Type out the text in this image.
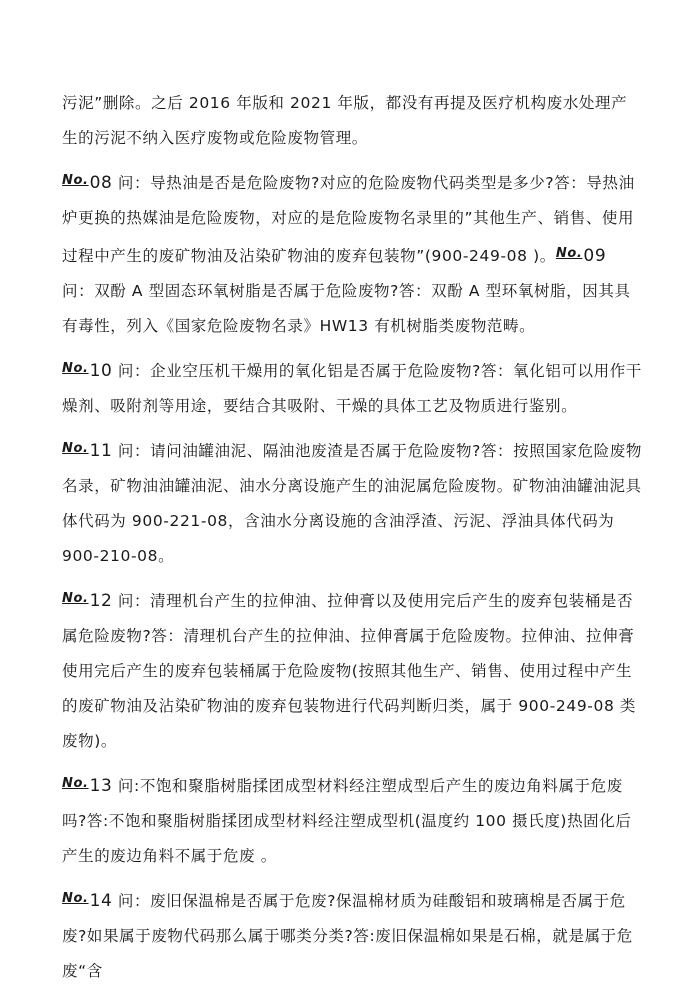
污泥”删除。之后 2016 年版和 2021 年版，都没有再提及医疗机构废水处理产生的污泥不纳入医疗废物或危险废物管理。

$^{No.}$08 问：导热油是否是危险废物?对应的危险废物代码类型是多少?答：导热油炉更换的热媒油是危险废物，对应的是危险废物名录里的”其他生产、销售、使用过程中产生的废矿物油及沾染矿物油的废弃包装物”(900-249-08 )。$^{No.}$09 问：双酚 A 型固态环氧树脂是否属于危险废物?答：双酚 A 型环氧树脂，因其具有毒性，列入《国家危险废物名录》HW13 有机树脂类废物范畴。

$^{No.}$10 问：企业空压机干燥用的氧化铝是否属于危险废物?答：氧化铝可以用作干燥剂、吸附剂等用途，要结合其吸附、干燥的具体工艺及物质进行鉴别。

$^{No.}$11 问：请问油罐油泥、隔油池废渣是否属于危险废物?答：按照国家危险废物名录，矿物油油罐油泥、油水分离设施产生的油泥属危险废物。矿物油油罐油泥具体代码为 900-221-08，含油水分离设施的含油浮渣、污泥、浮油具体代码为 900-210-08。

$^{No.}$12 问：清理机台产生的拉伸油、拉伸膏以及使用完后产生的废弃包装桶是否属危险废物?答：清理机台产生的拉伸油、拉伸膏属于危险废物。拉伸油、拉伸膏使用完后产生的废弃包装桶属于危险废物(按照其他生产、销售、使用过程中产生的废矿物油及沾染矿物油的废弃包装物进行代码判断归类，属于 900-249-08 类废物)。

$^{No.}$13 问:不饱和聚脂树脂揉团成型材料经注塑成型后产生的废边角料属于危废吗?答:不饱和聚脂树脂揉团成型材料经注塑成型机(温度约 100 摄氏度)热固化后产生的废边角料不属于危废 。

$^{No.}$14 问：废旧保温棉是否属于危废?保温棉材质为硅酸铝和玻璃棉是否属于危废?如果属于废物代码那么属于哪类分类?答:废旧保温棉如果是石棉，就是属于危废“含
